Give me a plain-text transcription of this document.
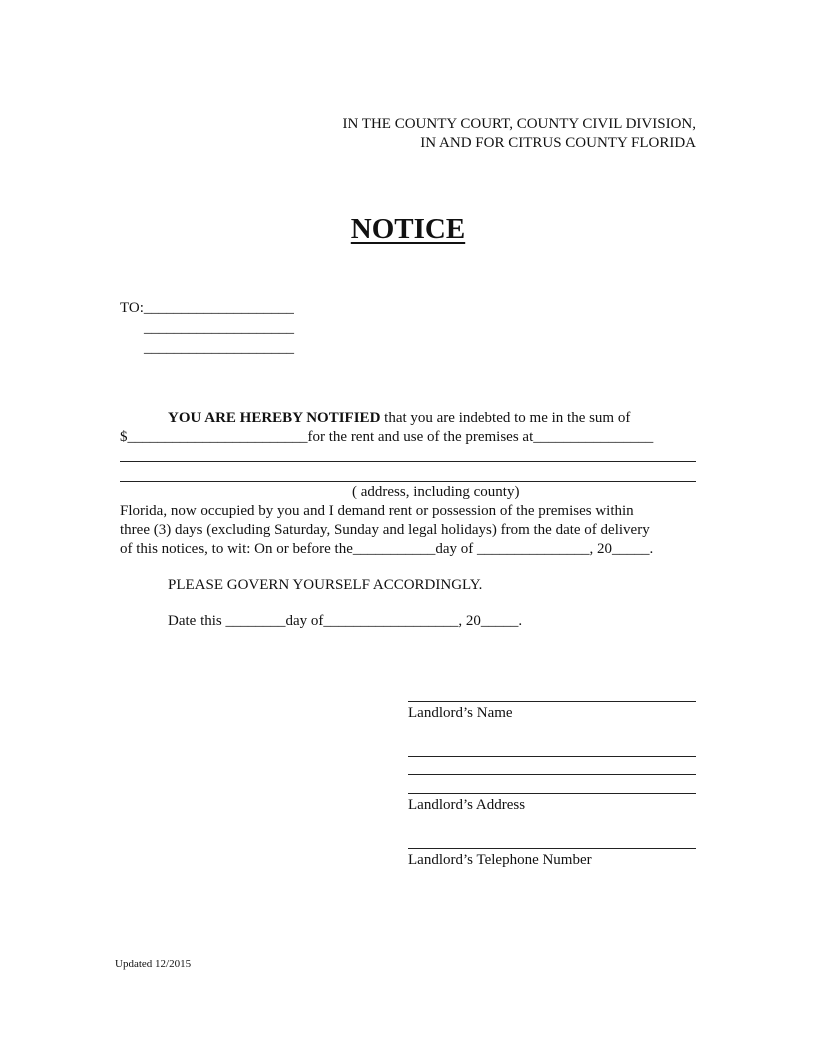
IN THE COUNTY COURT, COUNTY CIVIL DIVISION,
IN AND FOR CITRUS COUNTY FLORIDA
NOTICE
TO:____________________
____________________
____________________
YOU ARE HEREBY NOTIFIED that you are indebted to me in the sum of
$________________________for the rent and use of the premises at________________
( address, including county)
Florida, now occupied by you and I demand rent or possession of the premises within
three (3) days (excluding Saturday, Sunday and legal holidays) from the date of delivery
of this notices, to wit: On or before the___________day of _______________, 20_____.
PLEASE GOVERN YOURSELF ACCORDINGLY.
Date this ________day of__________________, 20_____.
Landlord’s Name
Landlord’s Address
Landlord’s Telephone Number
Updated 12/2015
